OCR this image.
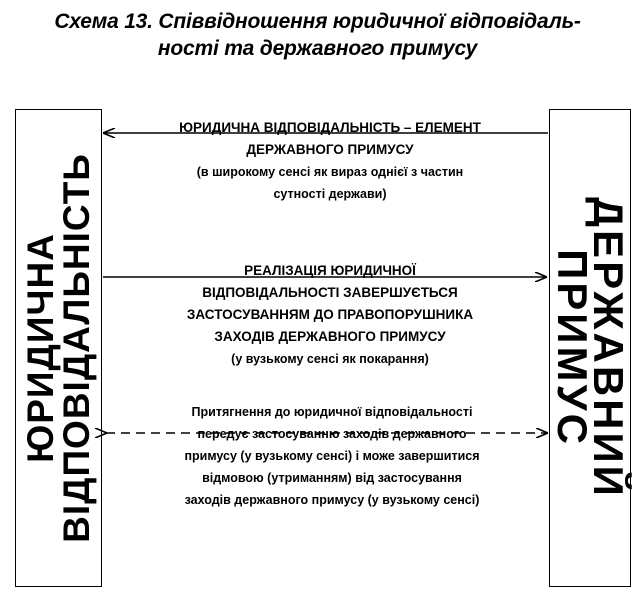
Схема 13. Співвідношення юридичної відповідаль-
ності та державного примусу
ЮРИДИЧНА
ВІДПОВІДАЛЬНІСТЬ	ДЕРЖАВНИЙ
ПРИМУС
ЮРИДИЧНА ВІДПОВІДАЛЬНІСТЬ – ЕЛЕМЕНТ
ДЕРЖАВНОГО ПРИМУСУ
(в широкому сенсі як вираз однієї з частин
сутності держави)
РЕАЛІЗАЦІЯ ЮРИДИЧНОЇ
ВІДПОВІДАЛЬНОСТІ ЗАВЕРШУЄТЬСЯ
ЗАСТОСУВАННЯМ ДО ПРАВОПОРУШНИКА
ЗАХОДІВ ДЕРЖАВНОГО ПРИМУСУ
(у вузькому сенсі як покарання)
Притягнення до юридичної відповідальності
передує застосуванню заходів державного
примусу (у вузькому сенсі) і може завершитися
відмовою (утриманням) від застосування
заходів державного примусу (у вузькому сенсі)
